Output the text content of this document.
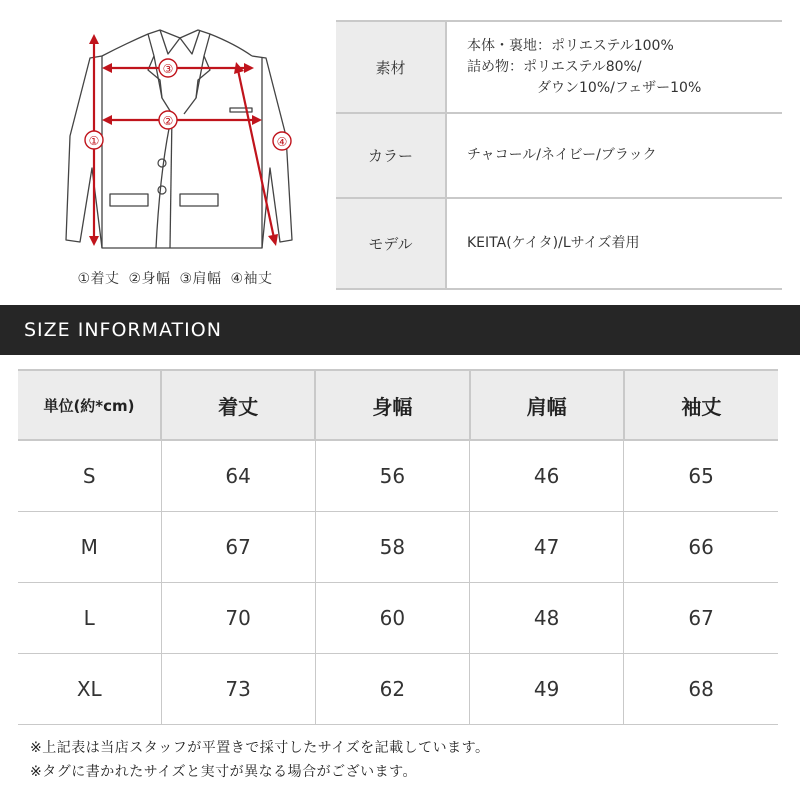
①
②
③
④
①着丈 ②身幅 ③肩幅 ④袖丈
素材	本体・裏地：ポリエステル100%
詰め物：ポリエステル80%/
ダウン10%/フェザー10%

カラー	チャコール/ネイビー/ブラック
モデル	KEITA(ケイタ)/Lサイズ着用
SIZE INFORMATION
単位(約*cm)	着丈	身幅	肩幅	袖丈
S	64	56	46	65
M	67	58	47	66
L	70	60	48	67
XL	73	62	49	68
※上記表は当店スタッフが平置きで採寸したサイズを記載しています。
※タグに書かれたサイズと実寸が異なる場合がございます。
